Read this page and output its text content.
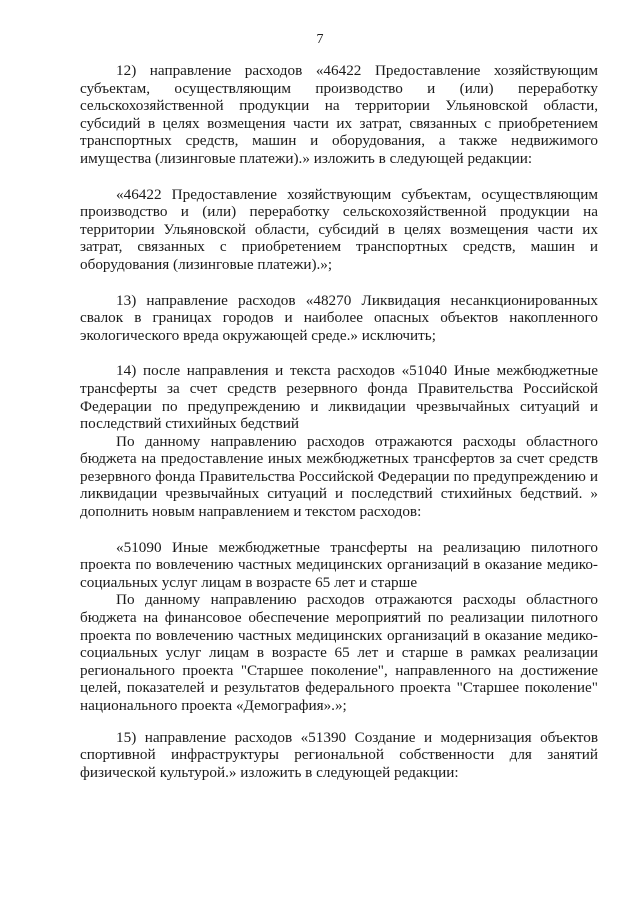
7

12) направление расходов «46422 Предоставление хозяйствующим субъектам, осуществляющим производство и (или) переработку сельскохозяйственной продукции на территории Ульяновской области, субсидий в целях возмещения части их затрат, связанных с приобретением транспортных средств, машин и оборудования, а также недвижимого имущества (лизинговые платежи).» изложить в следующей редакции:

«46422 Предоставление хозяйствующим субъектам, осуществляющим производство и (или) переработку сельскохозяйственной продукции на территории Ульяновской области, субсидий в целях возмещения части их затрат, связанных с приобретением транспортных средств, машин и оборудования (лизинговые платежи).»;

13) направление расходов «48270 Ликвидация несанкционированных свалок в границах городов и наиболее опасных объектов накопленного экологического вреда окружающей среде.» исключить;

14) после направления и текста расходов «51040 Иные межбюджетные трансферты за счет средств резервного фонда Правительства Российской Федерации по предупреждению и ликвидации чрезвычайных ситуаций и последствий стихийных бедствий

По данному направлению расходов отражаются расходы областного бюджета на предоставление иных межбюджетных трансфертов за счет средств резервного фонда Правительства Российской Федерации по предупреждению и ликвидации чрезвычайных ситуаций и последствий стихийных бедствий. » дополнить новым направлением и текстом расходов:

«51090 Иные межбюджетные трансферты на реализацию пилотного проекта по вовлечению частных медицинских организаций в оказание медико-социальных услуг лицам в возрасте 65 лет и старше

По данному направлению расходов отражаются расходы областного бюджета на финансовое обеспечение мероприятий по реализации пилотного проекта по вовлечению частных медицинских организаций в оказание медико-социальных услуг лицам в возрасте 65 лет и старше в рамках реализации регионального проекта "Старшее поколение", направленного на достижение целей, показателей и результатов федерального проекта "Старшее поколение" национального проекта «Демография».»;

15) направление расходов «51390 Создание и модернизация объектов спортивной инфраструктуры региональной собственности для занятий физической культурой.» изложить в следующей редакции:
